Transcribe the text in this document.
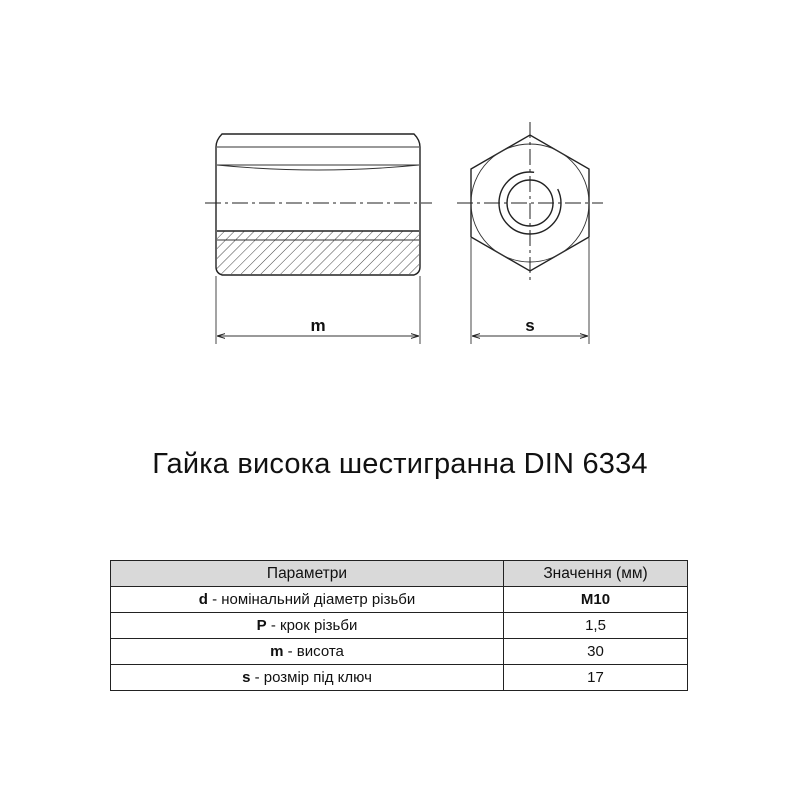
m	s
Гайка висока шестигранна DIN 6334
Параметри	Значення (мм)
d - номінальний діаметр різьби	M10
P - крок різьби	1,5
m - висота	30
s - розмір під ключ	17
